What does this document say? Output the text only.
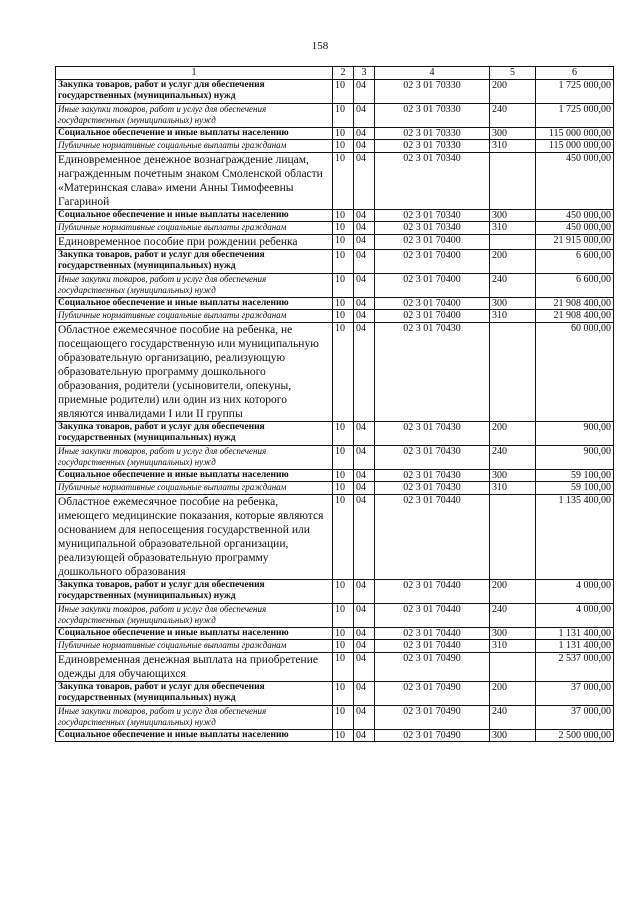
158
1	2	3	4	5	6
Закупка товаров, работ и услуг для обеспечения государственных (муниципальных) нужд	10	04	02 3 01 70330	200	1 725 000,00
Иные закупки товаров, работ и услуг для обеспечения государственных (муниципальных) нужд	10	04	02 3 01 70330	240	1 725 000,00
Социальное обеспечение и иные выплаты населению	10	04	02 3 01 70330	300	115 000 000,00
Публичные нормативные социальные выплаты гражданам	10	04	02 3 01 70330	310	115 000 000,00
Единовременное денежное вознаграждение лицам, награжденным почетным знаком Смоленской области «Материнская слава» имени Анны Тимофеевны Гагариной	10	04	02 3 01 70340		450 000,00
Социальное обеспечение и иные выплаты населению	10	04	02 3 01 70340	300	450 000,00
Публичные нормативные социальные выплаты гражданам	10	04	02 3 01 70340	310	450 000,00
Единовременное пособие при рождении ребенка	10	04	02 3 01 70400		21 915 000,00
Закупка товаров, работ и услуг для обеспечения государственных (муниципальных) нужд	10	04	02 3 01 70400	200	6 600,00
Иные закупки товаров, работ и услуг для обеспечения государственных (муниципальных) нужд	10	04	02 3 01 70400	240	6 600,00
Социальное обеспечение и иные выплаты населению	10	04	02 3 01 70400	300	21 908 400,00
Публичные нормативные социальные выплаты гражданам	10	04	02 3 01 70400	310	21 908 400,00
Областное ежемесячное пособие на ребенка, не посещающего государственную или муниципальную образовательную организацию, реализующую образовательную программу дошкольного образования, родители (усыновители, опекуны, приемные родители) или один из них которого являются инвалидами I или II группы	10	04	02 3 01 70430		60 000,00
Закупка товаров, работ и услуг для обеспечения государственных (муниципальных) нужд	10	04	02 3 01 70430	200	900,00
Иные закупки товаров, работ и услуг для обеспечения государственных (муниципальных) нужд	10	04	02 3 01 70430	240	900,00
Социальное обеспечение и иные выплаты населению	10	04	02 3 01 70430	300	59 100,00
Публичные нормативные социальные выплаты гражданам	10	04	02 3 01 70430	310	59 100,00
Областное ежемесячное пособие на ребенка, имеющего медицинские показания, которые являются основанием для непосещения государственной или муниципальной образовательной организации, реализующей образовательную программу дошкольного образования	10	04	02 3 01 70440		1 135 400,00
Закупка товаров, работ и услуг для обеспечения государственных (муниципальных) нужд	10	04	02 3 01 70440	200	4 000,00
Иные закупки товаров, работ и услуг для обеспечения государственных (муниципальных) нужд	10	04	02 3 01 70440	240	4 000,00
Социальное обеспечение и иные выплаты населению	10	04	02 3 01 70440	300	1 131 400,00
Публичные нормативные социальные выплаты гражданам	10	04	02 3 01 70440	310	1 131 400,00
Единовременная денежная выплата на приобретение одежды для обучающихся	10	04	02 3 01 70490		2 537 000,00
Закупка товаров, работ и услуг для обеспечения государственных (муниципальных) нужд	10	04	02 3 01 70490	200	37 000,00
Иные закупки товаров, работ и услуг для обеспечения государственных (муниципальных) нужд	10	04	02 3 01 70490	240	37 000,00
Социальное обеспечение и иные выплаты населению	10	04	02 3 01 70490	300	2 500 000,00
